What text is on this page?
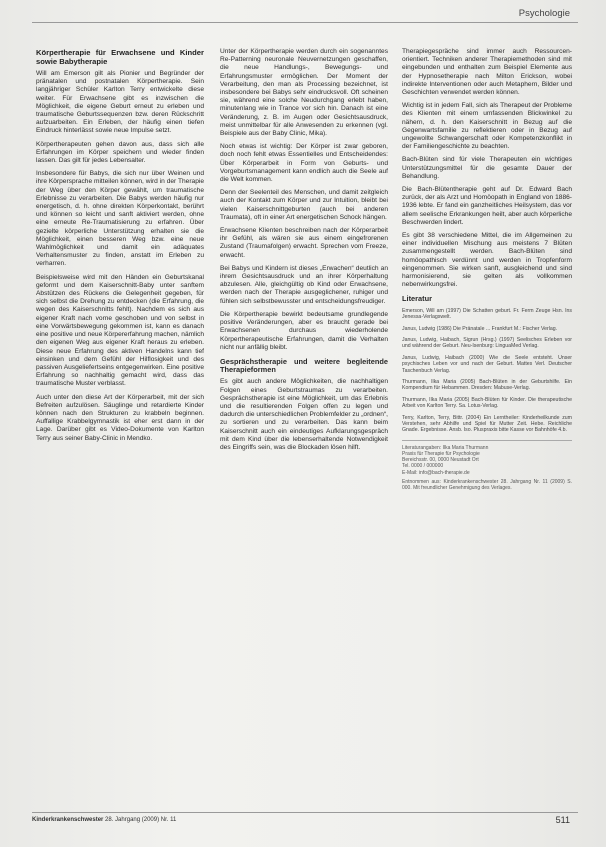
Psychologie
Körpertherapie für Erwachsene und Kinder sowie Babytherapie

Will am Emerson gilt als Pionier und Begründer der pränatalen und postnatalen Körpertherapie. Sein langjähriger Schüler Karlton Terry entwickelte diese weiter. Für Erwachsene gibt es inzwischen die Möglichkeit, die eigene Geburt erneut zu erleben und traumatische Geburtssequenzen bzw. deren Rückschritt aufzuarbeiten. Ein Erleben, der häufig einen tiefen Eindruck hinterlässt sowie neue Impulse setzt.

Körpertherapeuten gehen davon aus, dass sich alle Erfahrungen im Körper speichern und wieder finden lassen. Das gilt für jedes Lebensalter.

Insbesondere für Babys, die sich nur über Weinen und ihre Körpersprache mitteilen können, wird in der Therapie der Weg über den Körper gewählt, um traumatische Erlebnisse zu verarbeiten. Die Babys werden häufig nur energetisch, d. h. ohne direkten Körperkontakt, berührt und können so leicht und sanft aktiviert werden, ohne eine erneute Re-Traumatisierung zu erfahren. Über gezielte körperliche Unterstützung erhalten sie die Möglichkeit, einen besseren Weg bzw. eine neue Wahlmöglichkeit und damit ein adäquates Verhaltensmuster zu finden, anstatt im Erleben zu verharren.

Beispielsweise wird mit den Händen ein Geburtskanal geformt und dem Kaiserschnitt-Baby unter sanftem Abstützen des Rückens die Gelegenheit gegeben, für sich selbst die Drehung zu entdecken (die Erfahrung, die wegen des Kaiserschnitts fehlt). Nachdem es sich aus eigener Kraft nach vorne geschoben und von selbst in eine Vorwärtsbewegung gekommen ist, kann es danach eine positive und neue Körpererfahrung machen, nämlich den eigenen Weg aus eigener Kraft heraus zu erleben. Diese neue Erfahrung des aktiven Handelns kann tief einsinken und dem Gefühl der Hilflosigkeit und des passiven Ausgeliefertseins entgegenwirken. Eine positive Erfahrung so nachhaltig gemacht wird, dass das traumatische Muster verblasst.

Auch unter den diese Art der Körperarbeit, mit der sich Befreiten aufzulösen. Säuglinge und retardierte Kinder können nach den Strukturen zu krabbeln beginnen. Auffallige Krabbelgymnastik ist eher erst dann in der Lage. Darüber gibt es Video-Dokumente von Karlton Terry aus seiner Baby-Clinic in Mendko.

Unter der Körpertherapie werden durch ein sogenanntes Re-Patterning neuronale Neuvernetzungen geschaffen, die neue Handlungs-, Bewegungs- und Erfahrungsmuster ermöglichen. Der Moment der Verarbeitung, den man als Processing bezeichnet, ist insbesondere bei Babys sehr eindrucksvoll. Oft scheinen sie, während eine solche Neudurchgang erlebt haben, minutenlang wie in Trance vor sich hin. Danach ist eine Veränderung, z. B. im Augen oder Gesichtsausdruck, meist unmittelbar für alle Anwesenden zu erkennen (vgl. Beispiele aus der Baby Clinic, Mika).

Noch etwas ist wichtig: Der Körper ist zwar geboren, doch noch fehlt etwas Essentielles und Entscheidendes: Über Körperarbeit in Form von Geburts- und Vorgeburtsmanagement kann endlich auch die Seele auf die Welt kommen.

Denn der Seelenteil des Menschen, und damit zeitgleich auch der Kontakt zum Körper und zur Intuition, bleibt bei vielen Kaiserschnittgeburten (auch bei anderen Traumata), oft in einer Art energetischen Schock hängen.

Erwachsene Klienten beschreiben nach der Körperarbeit ihr Gefühl, als wären sie aus einem eingefrorenen Zustand (Traumafolgen) erwacht. Sprechen vom Freeze, erwacht.

Bei Babys und Kindern ist dieses „Erwachen“ deutlich an ihrem Gesichtsausdruck und an ihrer Körperhaltung abzulesen. Alle, gleichgültig ob Kind oder Erwachsene, werden nach der Therapie ausgeglichener, ruhiger und fühlen sich selbstbewusster und entscheidungsfreudiger.

Die Körpertherapie bewirkt bedeutsame grundlegende positive Veränderungen, aber es braucht gerade bei Erwachsenen durchaus wiederholende Körpertherapeutische Erfahrungen, damit die Verhalten nicht nur anfällig bleibt.

Gesprächstherapie und weitere begleitende Therapieformen

Es gibt auch andere Möglichkeiten, die nachhaltigen Folgen eines Geburtstraumas zu verarbeiten. Gesprächstherapie ist eine Möglichkeit, um das Erlebnis und die resultierenden Folgen offen zu legen und dadurch die unterschiedlichen Problemfelder zu „ordnen“, zu sortieren und zu verarbeiten. Das kann beim Kaiserschnitt auch ein eindeutiges Aufklarungsgespräch mit dem Kind über die lebenserhaltende Notwendigkeit des Eingriffs sein, was die Blockaden lösen hilft.

Therapiegespräche sind immer auch Ressourcen-orientiert. Techniken anderer Therapiemethoden sind mit eingebunden und enthalten zum Beispiel Elemente aus der Hypnosetherapie nach Milton Erickson, wobei indirekte Interventionen oder auch Metaphern, Bilder und Geschichten verwendet werden können.

Wichtig ist in jedem Fall, sich als Therapeut der Probleme des Klienten mit einem umfassenden Blickwinkel zu nähern, d. h. den Kaiserschnitt in Bezug auf die Gegenwartsfamilie zu reflektieren oder in Bezug auf ungewollte Schwangerschaft oder Kompetenzkonflikt in der Familiengeschichte zu beachten.

Bach-Blüten sind für viele Therapeuten ein wichtiges Unterstützungsmittel für die gesamte Dauer der Behandlung.

Die Bach-Blütentherapie geht auf Dr. Edward Bach zurück, der als Arzt und Homöopath in England von 1886-1936 lebte. Er fand ein ganzheitliches Heilsystem, das vor allem seelische Erkrankungen heilt, aber auch körperliche Beschwerden lindert.

Es gibt 38 verschiedene Mittel, die im Allgemeinen zu einer individuellen Mischung aus meistens 7 Blüten zusammengestellt werden. Bach-Blüten sind homöopathisch verdünnt und werden in Tropfenform eingenommen. Sie wirken sanft, ausgleichend und sind harmonisierend, sie gelten als vollkommen nebenwirkungsfrei.

Literatur

Emerson, Will am (1997) Die Schatten geburt. Fr. Ferm Zeuge Hsn. Ins Jenessa-Verlagswelt.

Janus, Ludwig (1986) Die Pränatale ... Frankfurt M.: Fischer Verlag.

Janus, Ludwig, Haibach, Sigrun (Hrsg.) (1997) Seelisches Erleben vor und während der Geburt. Neu-Isenburg: LinguaMed Verlag.

Janus, Ludwig, Haibach (2000) Wie die Seele entsteht. Unser psychisches Leben vor und nach der Geburt. Mattes Verl. Deutscher Taschenbuch Verlag.

Thurmann, Ilka Maria (2005) Bach-Blüten in der Geburtshilfe. Ein Kompendium für Hebammen. Dresden: Mabuse-Verlag.

Thurmann, Ilka Maria (2005) Bach-Blüten für Kinder. Die therapeutische Arbeit von Karlton Terry. Sa. Lotus-Verlag.

Terry, Karlton, Terry, Bittr. (2004) Ein Lerntheiler: Kinderheilkunde zum Verstehen, sehr Abhilfe und Spiel für Mutter Zeit. Hebe. Reichliche Gnade. Ergebnisse. Ansb. Iso. Pluspraxis bitte Kasse vor Bahnhöfe 4.b.

Literaturangaben: Ilka Maria Thurmann
Praxis für Therapie für Psychologie
Bereichsstr. 00, 0000 Neustadt Ort
Tel. 0000 / 000000
E-Mail: info@bach-therapie.de
Entnommen aus: Kinderkrankenschwester 28. Jahrgang Nr. 11 (2009) S. 000. Mit freundlicher Genehmigung des Verlages.
Kinderkrankenschwester 28. Jahrgang (2009) Nr. 11	511
